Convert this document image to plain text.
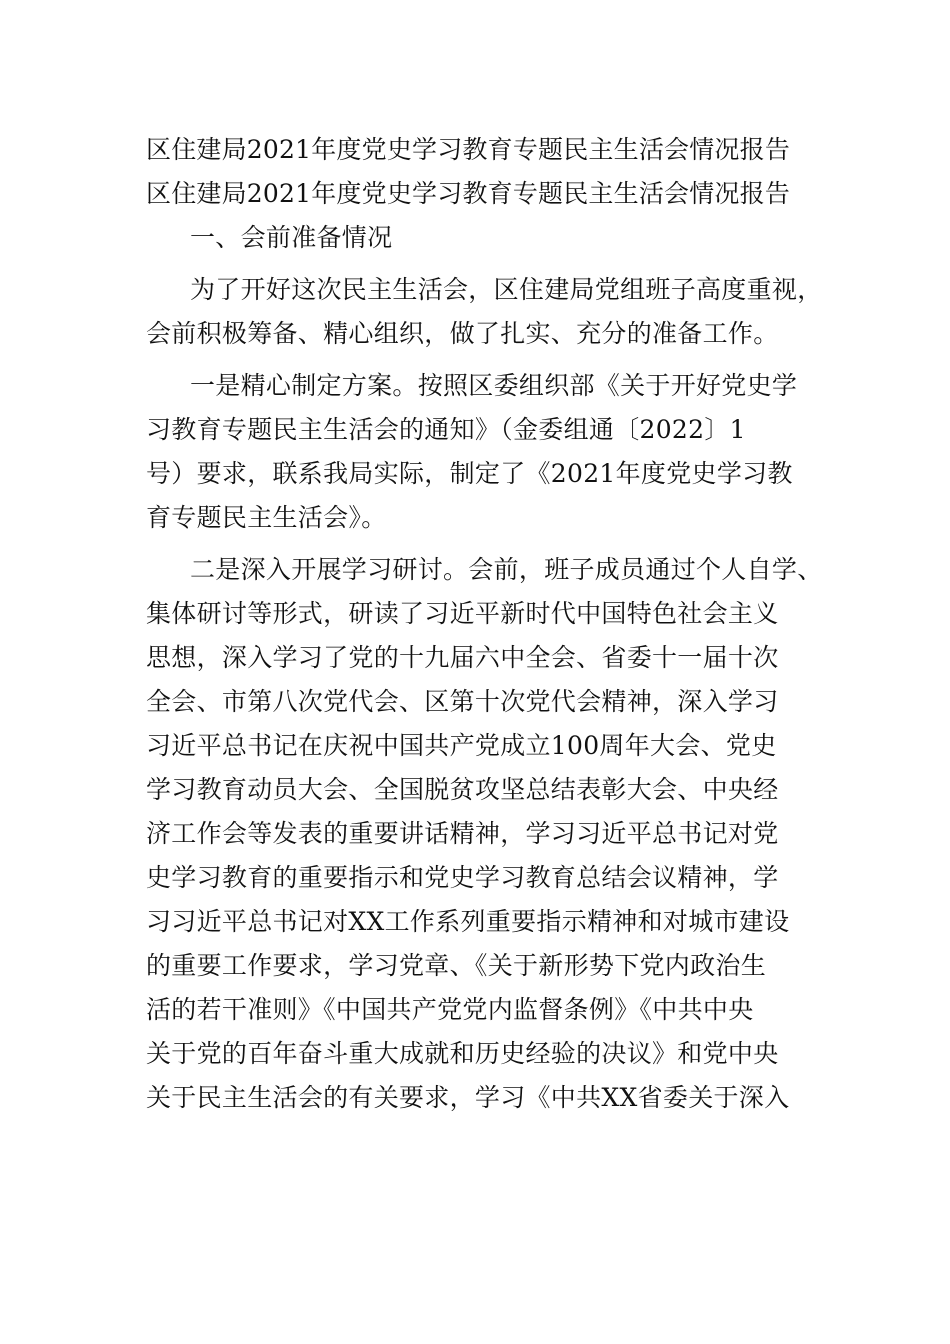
区住建局2021年度党史学习教育专题民主生活会情况报告
区住建局2021年度党史学习教育专题民主生活会情况报告
一、会前准备情况
为了开好这次民主生活会，区住建局党组班子高度重视，
会前积极筹备、精心组织，做了扎实、充分的准备工作。
一是精心制定方案。按照区委组织部《关于开好党史学
习教育专题民主生活会的通知》（金委组通〔2022〕1
号）要求，联系我局实际，制定了《2021年度党史学习教
育专题民主生活会》。
二是深入开展学习研讨。会前，班子成员通过个人自学、
集体研讨等形式，研读了习近平新时代中国特色社会主义
思想，深入学习了党的十九届六中全会、省委十一届十次
全会、市第八次党代会、区第十次党代会精神，深入学习
习近平总书记在庆祝中国共产党成立100周年大会、党史
学习教育动员大会、全国脱贫攻坚总结表彰大会、中央经
济工作会等发表的重要讲话精神，学习习近平总书记对党
史学习教育的重要指示和党史学习教育总结会议精神，学
习习近平总书记对XX工作系列重要指示精神和对城市建设
的重要工作要求，学习党章、《关于新形势下党内政治生
活的若干准则》《中国共产党党内监督条例》《中共中央
关于党的百年奋斗重大成就和历史经验的决议》和党中央
关于民主生活会的有关要求，学习《中共XX省委关于深入
